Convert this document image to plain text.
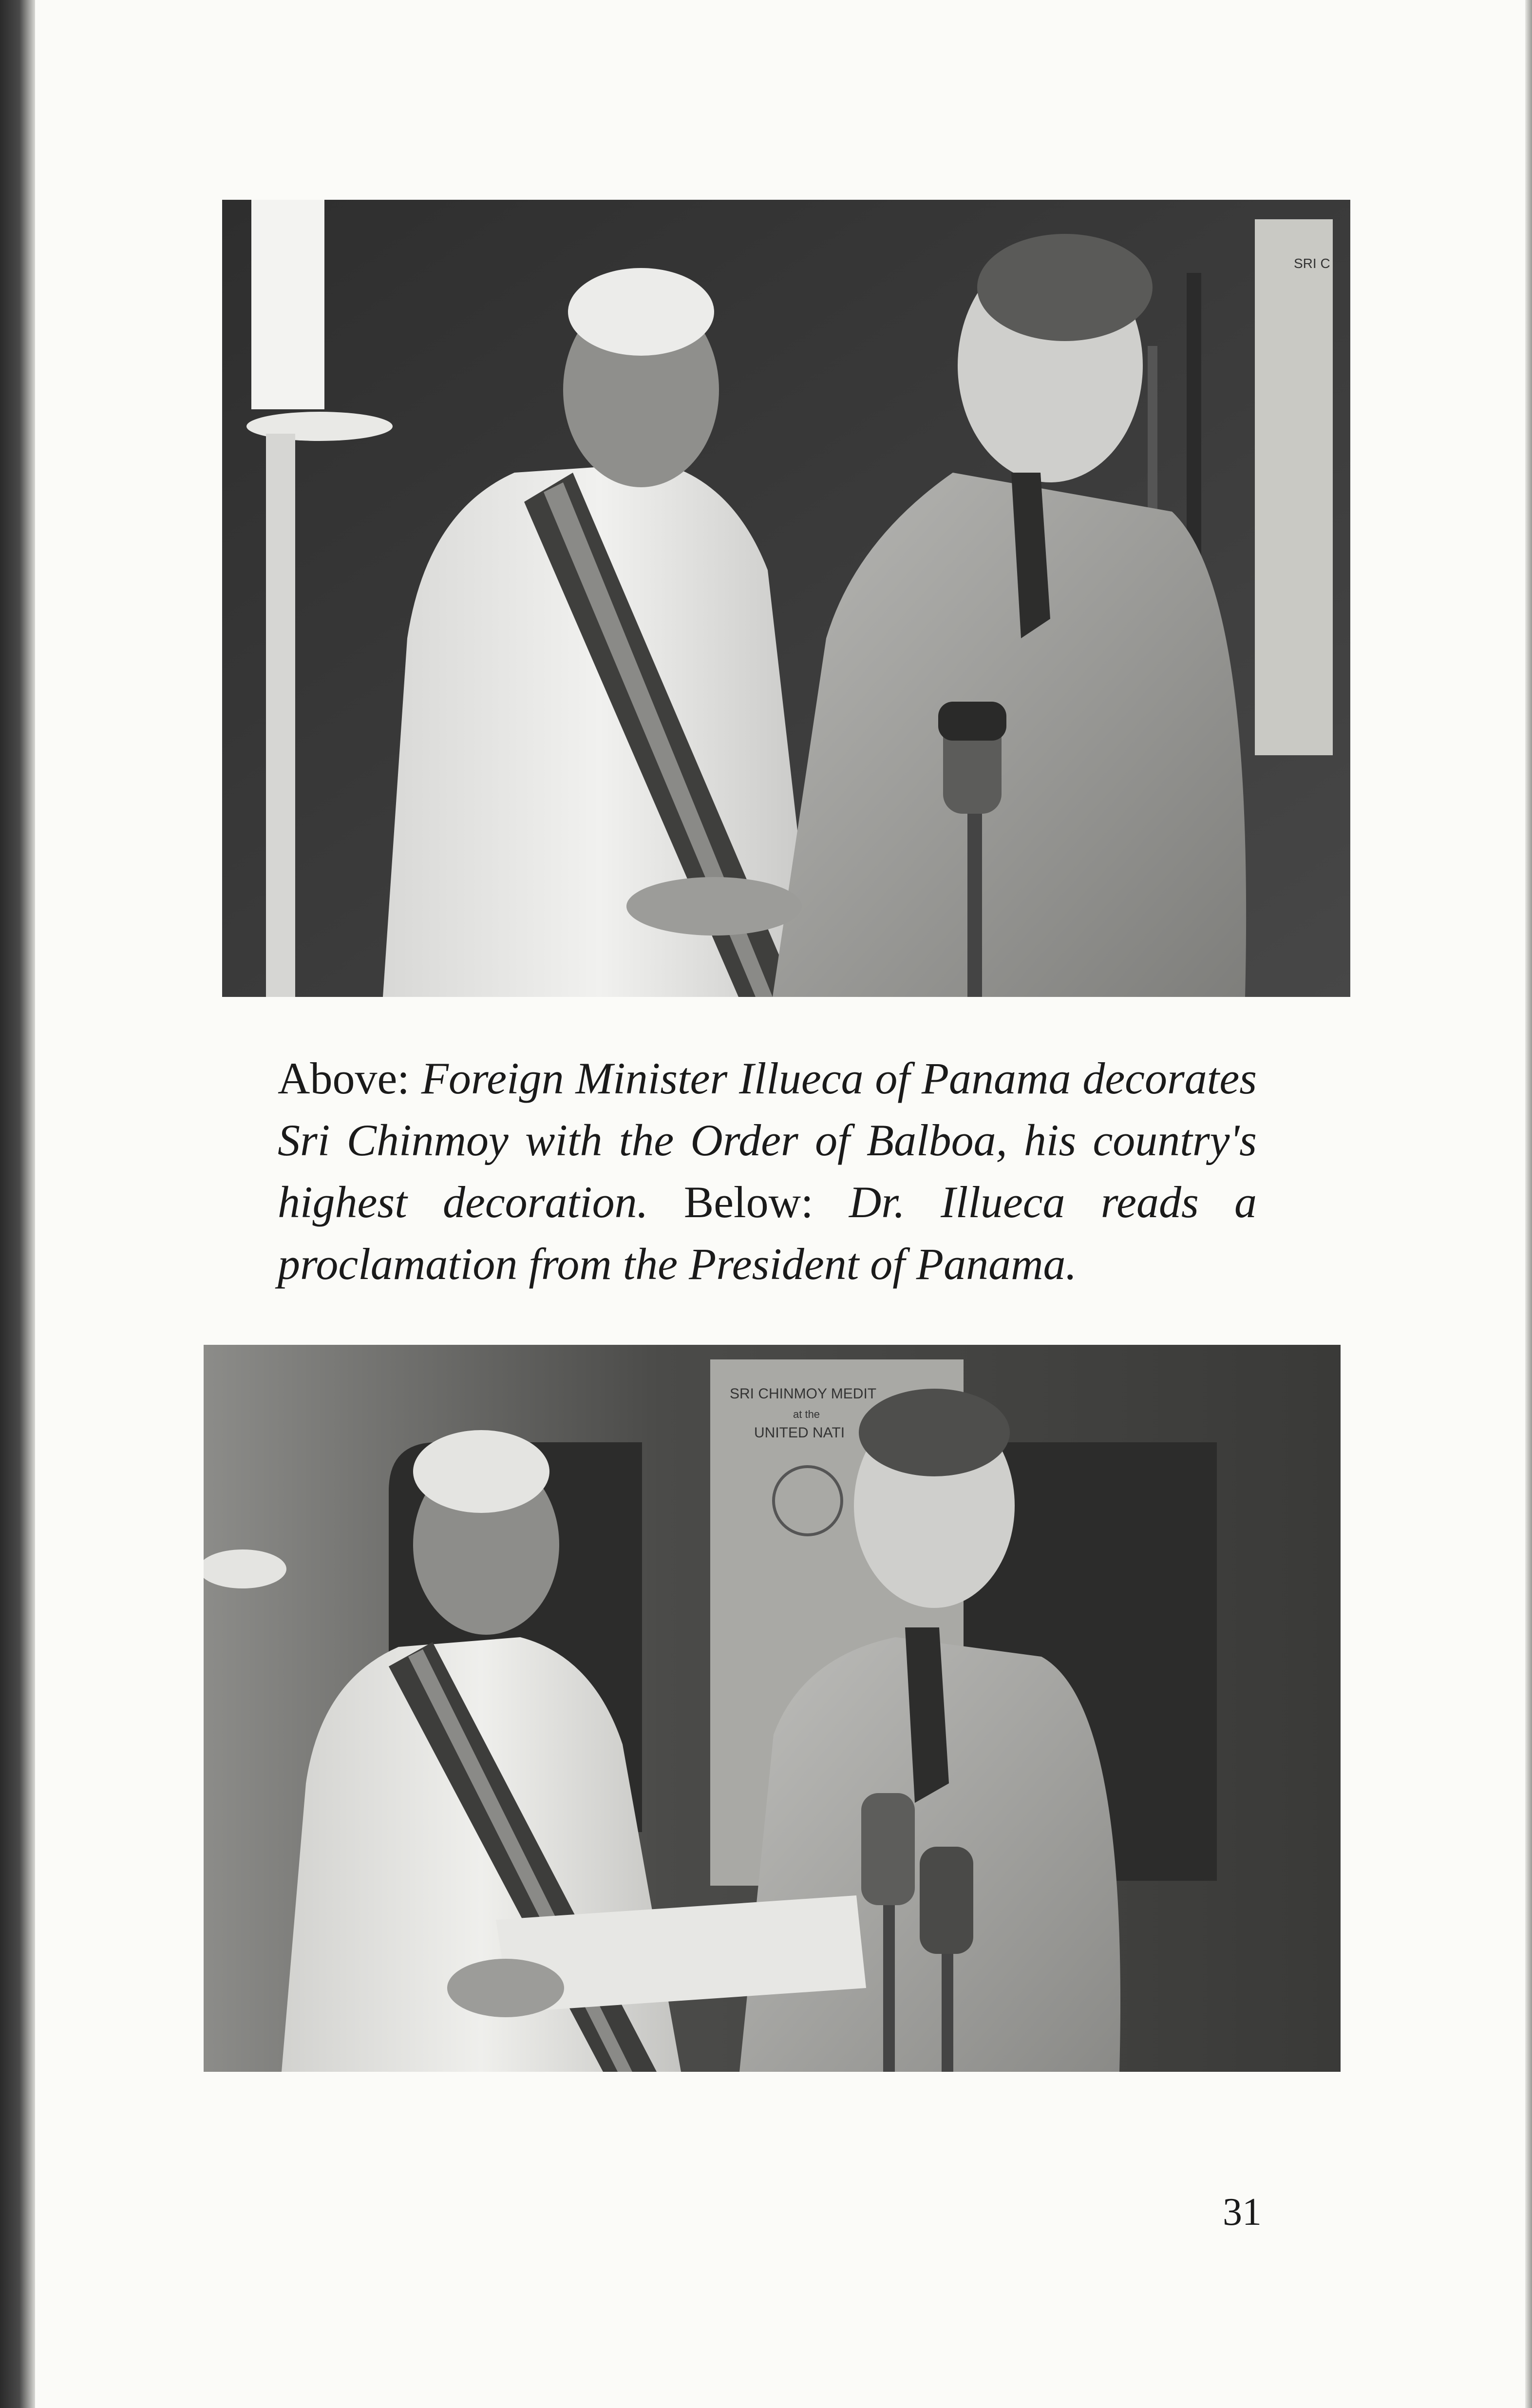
SRI C
Above: Foreign Minister Illueca of Panama decorates Sri Chinmoy with the Order of Balboa, his country's highest decoration. Below: Dr. Illueca reads a proclamation from the President of Panama.
SRI CHINMOY MEDIT
at the
UNITED NATI
31
